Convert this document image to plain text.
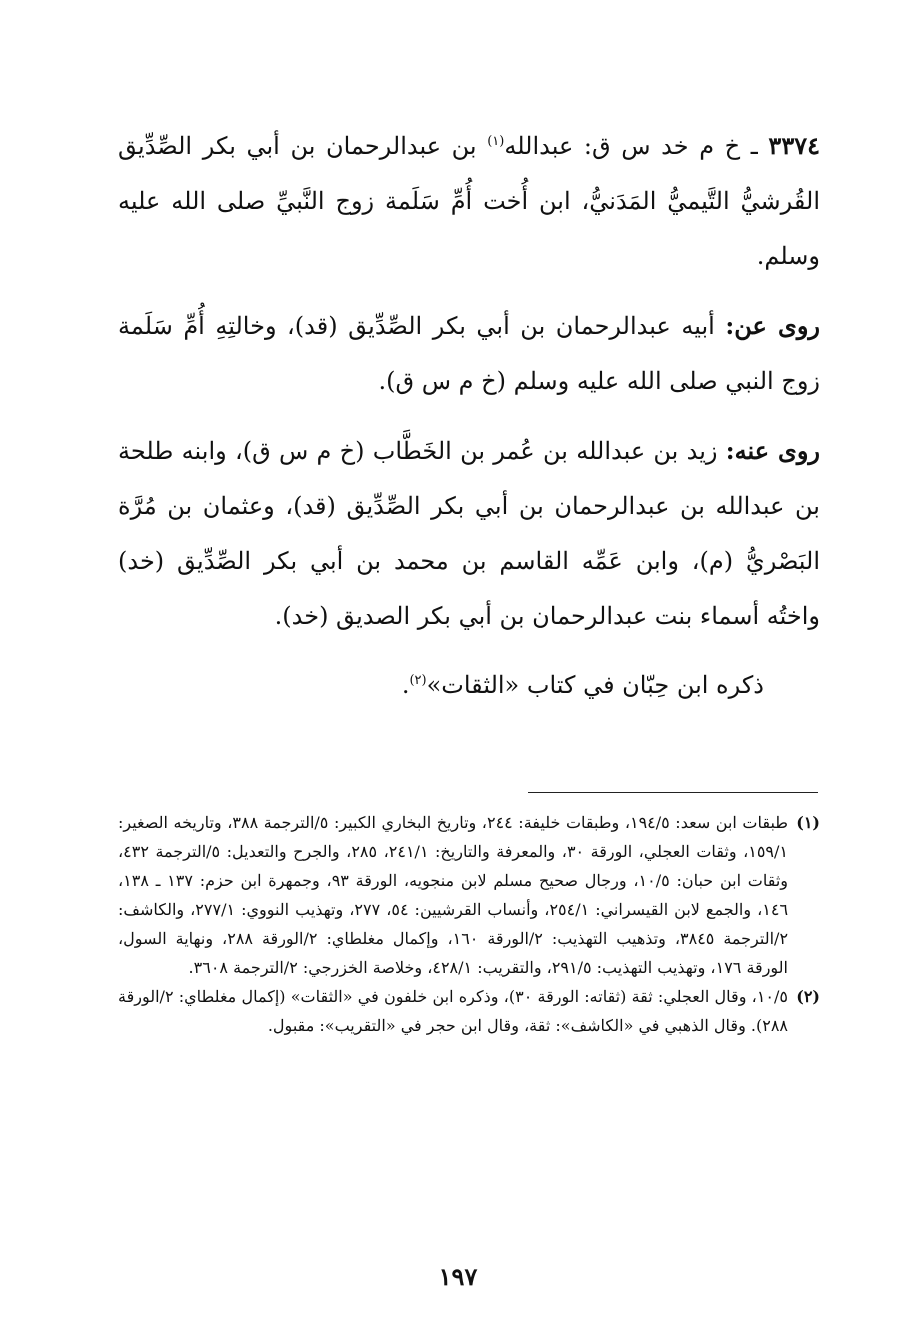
٣٣٧٤ ـ خ م خد س ق: عبدالله$^{(١)}$ بن عبدالرحمان بن أبي بكر الصِّدِّيق القُرشيُّ التَّيميُّ المَدَنيُّ، ابن أُخت أُمِّ سَلَمة زوج النَّبيِّ صلى الله عليه وسلم.

روى عن: أبيه عبدالرحمان بن أبي بكر الصِّدِّيق (قد)، وخالتِهِ أُمِّ سَلَمة زوج النبي صلى الله عليه وسلم (خ م س ق).

روى عنه: زيد بن عبدالله بن عُمر بن الخَطَّاب (خ م س ق)، وابنه طلحة بن عبدالله بن عبدالرحمان بن أبي بكر الصِّدِّيق (قد)، وعثمان بن مُرَّة البَصْريُّ (م)، وابن عَمِّه القاسم بن محمد بن أبي بكر الصِّدِّيق (خد) واختُه أسماء بنت عبدالرحمان بن أبي بكر الصديق (خد).

ذكره ابن حِبّان في كتاب «الثقات»$^{(٢)}$.

(١)
طبقات ابن سعد: ١٩٤/٥، وطبقات خليفة: ٢٤٤، وتاريخ البخاري الكبير: ٥/الترجمة ٣٨٨، وتاريخه الصغير: ١٥٩/١، وثقات العجلي، الورقة ٣٠، والمعرفة والتاريخ: ٢٤١/١، ٢٨٥، والجرح والتعديل: ٥/الترجمة ٤٣٢، وثقات ابن حبان: ١٠/٥، ورجال صحيح مسلم لابن منجويه، الورقة ٩٣، وجمهرة ابن حزم: ١٣٧ ـ ١٣٨، ١٤٦، والجمع لابن القيسراني: ٢٥٤/١، وأنساب القرشيين: ٥٤، ٢٧٧، وتهذيب النووي: ٢٧٧/١، والكاشف: ٢/الترجمة ٣٨٤٥، وتذهيب التهذيب: ٢/الورقة ١٦٠، وإكمال مغلطاي: ٢/الورقة ٢٨٨، ونهاية السول، الورقة ١٧٦، وتهذيب التهذيب: ٢٩١/٥، والتقريب: ٤٢٨/١، وخلاصة الخزرجي: ٢/الترجمة ٣٦٠٨.
(٢)
١٠/٥، وقال العجلي: ثقة (ثقاته: الورقة ٣٠)، وذكره ابن خلفون في «الثقات» (إكمال مغلطاي: ٢/الورقة ٢٨٨). وقال الذهبي في «الكاشف»: ثقة، وقال ابن حجر في «التقريب»: مقبول.
١٩٧
